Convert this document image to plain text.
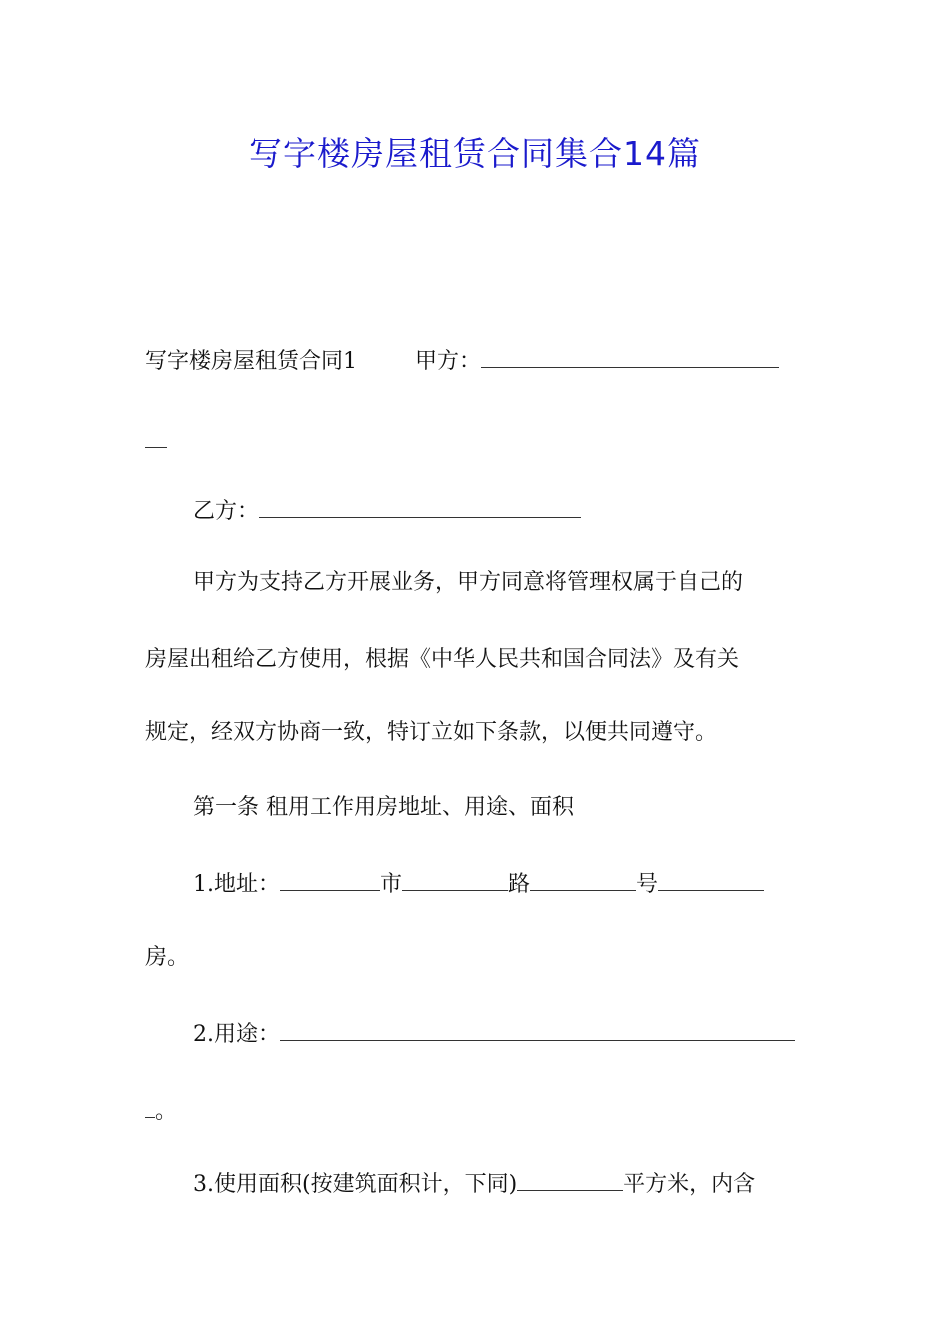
写字楼房屋租赁合同集合14篇
写字楼房屋租赁合同1	甲方：
乙方：
甲方为支持乙方开展业务，甲方同意将管理权属于自己的
房屋出租给乙方使用，根据《中华人民共和国合同法》及有关
规定，经双方协商一致，特订立如下条款，以便共同遵守。
第一条 租用工作用房地址、用途、面积
1.地址：	市	路	号
房。
2.用途：
。
3.使用面积(按建筑面积计，下同)	平方米，内含
